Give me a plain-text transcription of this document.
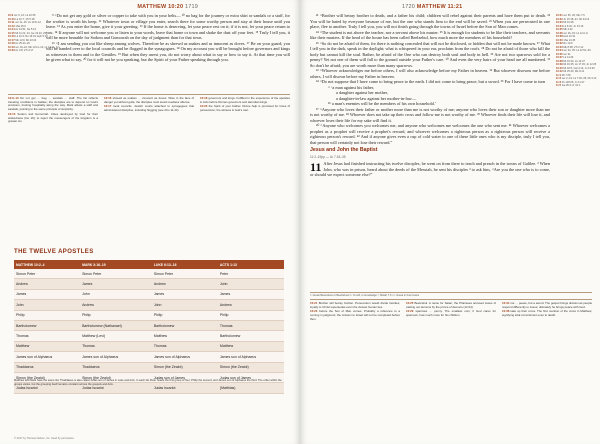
MATTHEW 10:20 1719
10:9 ver 9, 10: Lk 22:35
10:10 Lk 10:7; 1Ti 5:18
10:11 ver 11–15: Lk 10:8–12
10:12 1Sa 25:6
10:14 Ac 13:51; Ne 5:13
10:15 Mt 11:22, 24; Ge 19:24, 25
10:16 Lk 10:3; Ro 16:19; Eph 5:15
10:17 Mk 13:9; Mt 23:34
10:18 Ac 25:24–26
10:19 ver 19–22: Mk 13:11–13; Lk 12:11, 12
10:20 Ac 4:8; 2Ti 4:17

⁹ “Do not get any gold or silver or copper to take with you in your belts— ¹⁰ no bag for the journey or extra shirt or sandals or a staff, for the worker is worth his keep. ¹¹ Whatever town or village you enter, search there for some worthy person and stay at their house until you leave. ¹² As you enter the home, give it your greeting. ¹³ If the home is deserving, let your peace rest on it; if it is not, let your peace return to you. ¹⁴ If anyone will not welcome you or listen to your words, leave that home or town and shake the dust off your feet. ¹⁵ Truly I tell you, it will be more bearable for Sodom and Gomorrah on the day of judgment than for that town.

¹⁶ “I am sending you out like sheep among wolves. Therefore be as shrewd as snakes and as innocent as doves. ¹⁷ Be on your guard; you will be handed over to the local councils and be flogged in the synagogues. ¹⁸ On my account you will be brought before governors and kings as witnesses to them and to the Gentiles. ¹⁹ But when they arrest you, do not worry about what to say or how to say it. At that time you will be given what to say, ²⁰ for it will not be you speaking, but the Spirit of your Father speaking through you.

10:9–10 Do not get … bag … sandals … staff. The list reflects traveling conditions in Galilee; the disciples are to depend on God's provision, trusting hospitality along the way. Mark allows a staff and sandals, pointing to the same principle of simplicity.

10:15 Sodom and Gomorrah. Cities destroyed by God for their wickedness (Ge 19); to reject the messengers of the kingdom is a greater sin.

10:16 shrewd as snakes … innocent as doves. Wise in the face of danger yet without guile; the disciples must avoid needless offense.

10:17 local councils. Jewish courts attached to synagogues that administered discipline, including flogging (see 2Co 11:24).

10:18 governors and kings. Fulfilled in the experience of the apostles in Acts before Roman governors and Herodian kings.

10:20 the Spirit of your Father. Divine help is promised for times of persecution; the witness is God's own.

THE TWELVE APOSTLES
MATTHEW 10:2–4	MARK 3:16–19	LUKE 6:13–16	ACTS 1:13
Simon Peter	Simon Peter	Simon Peter	Peter
Andrew	James	Andrew	John
James	John	James	James
John	Andrew	John	Andrew
Philip	Philip	Philip	Philip
Bartholomew	Bartholomew (Nathanael)	Bartholomew	Thomas
Thomas	Matthew (Levi)	Matthew	Bartholomew
Matthew	Thomas	Thomas	Matthew
James son of Alphaeus	James son of Alphaeus	James son of Alphaeus	James son of Alphaeus
Thaddaeus	Thaddaeus	Simon (the Zealot)	Simon (the Zealot)
Simon (the Zealot)	Simon (the Zealot)	Judas son of James	Judas son of James
Judas Iscariot	Judas Iscariot	Judas Iscariot	(Matthias)
Matthew and Mark have the same list; Thaddaeus is also called Judas son of James in Luke and Acts. In each list Peter heads the first group of four, Philip the second, and James son of Alphaeus the third. The order within the groups varies, but the grouping itself remains constant across the gospels and Acts.
© 2017 by Thomas Nelson, Inc. Used by permission.
1720 MATTHEW 11:21

²¹ “Brother will betray brother to death, and a father his child; children will rebel against their parents and have them put to death. ²² You will be hated by everyone because of me, but the one who stands firm to the end will be saved. ²³ When you are persecuted in one place, flee to another. Truly I tell you, you will not finish going through the towns of Israel before the Son of Man comes.

²⁴ “The student is not above the teacher, nor a servant above his master. ²⁵ It is enough for students to be like their teachers, and servants like their masters. If the head of the house has been called Beelzebul, how much more the members of his household!

²⁶ “So do not be afraid of them, for there is nothing concealed that will not be disclosed, or hidden that will not be made known. ²⁷ What I tell you in the dark, speak in the daylight; what is whispered in your ear, proclaim from the roofs. ²⁸ Do not be afraid of those who kill the body but cannot kill the soul. Rather, be afraid of the One who can destroy both soul and body in hell. ²⁹ Are not two sparrows sold for a penny? Yet not one of them will fall to the ground outside your Father's care. ³⁰ And even the very hairs of your head are all numbered. ³¹ So don't be afraid; you are worth more than many sparrows.

³² “Whoever acknowledges me before others, I will also acknowledge before my Father in heaven. ³³ But whoever disowns me before others, I will disown before my Father in heaven.

³⁴ “Do not suppose that I have come to bring peace to the earth. I did not come to bring peace, but a sword. ³⁵ For I have come to turn

“ ‘a man against his father,

a daughter against her mother,

a daughter-in-law against her mother-in-law—

³⁶ a man's enemies will be the members of his own household.’

³⁷ “Anyone who loves their father or mother more than me is not worthy of me; anyone who loves their son or daughter more than me is not worthy of me. ³⁸ Whoever does not take up their cross and follow me is not worthy of me. ³⁹ Whoever finds their life will lose it, and whoever loses their life for my sake will find it.

⁴⁰ “Anyone who welcomes you welcomes me, and anyone who welcomes me welcomes the one who sent me. ⁴¹ Whoever welcomes a prophet as a prophet will receive a prophet's reward, and whoever welcomes a righteous person as a righteous person will receive a righteous person's reward. ⁴² And if anyone gives even a cup of cold water to one of these little ones who is my disciple, truly I tell you, that person will certainly not lose their reward.”

Jesus and John the Baptist
11:2–19pp — Lk 7:18–35

11 After Jesus had finished instructing his twelve disciples, he went on from there to teach and preach in the towns of Galilee. ² When John, who was in prison, heard about the deeds of the Messiah, he sent his disciples ³ to ask him, “Are you the one who is to come, or should we expect someone else?”

10:21 ver 35, 36; Mic 7:6
10:22 Jn 15:18–21; Mt 24:13
10:23 Mt 16:28
10:24 Lk 6:40; Jn 13:16
10:25 Mk 3:22
10:26 ver 26–33: Lk 12:2–9
10:28 Heb 10:31
10:30 1Sa 14:45
10:32 Ro 10:9
10:33 Mk 8:38; 2Ti 2:12
10:34 ver 34, 35: Lk 12:51–53
10:35 ver 21
10:37 Lk 14:26
10:38 Mt 16:24; Lk 14:27
10:39 Mt 16:25; Lk 17:33; Jn 12:25
10:40 Mt 18:5; Gal 4:14; Jn 13:20
10:42 Mt 25:40; Mk 9:41
11:1 Mt 7:28
11:2 ver 2–19: Lk 7:18–35; Mt 4:12
11:3 Ps 118:26; Jn 11:27
11:5 Isa 35:4–6; 61:1
²⁵ Greek Beezeboul or Beelzeboul ²⁹ Or will; or knowledge ³⁶ Micah 7:6 ¹¹:¹ Greek in their towns

10:21 Brother will betray brother. Persecution would divide families; loyalty to Christ supersedes even the closest human ties.

10:23 before the Son of Man comes. Probably a reference to a coming in judgment; the mission to Israel will not be completed before then.

10:25 Beelzebul. A name for Satan; the Pharisees accused Jesus of casting out demons by the prince of demons (12:24).

10:29 sparrows … penny. The smallest coin; if God cares for sparrows, how much more for his children.

10:34 not … peace, but a sword. The gospel brings division as people respond differently to Jesus; ultimately he brings peace with God.

10:38 take up their cross. The first mention of the cross in Matthew, signifying total commitment even to death.
